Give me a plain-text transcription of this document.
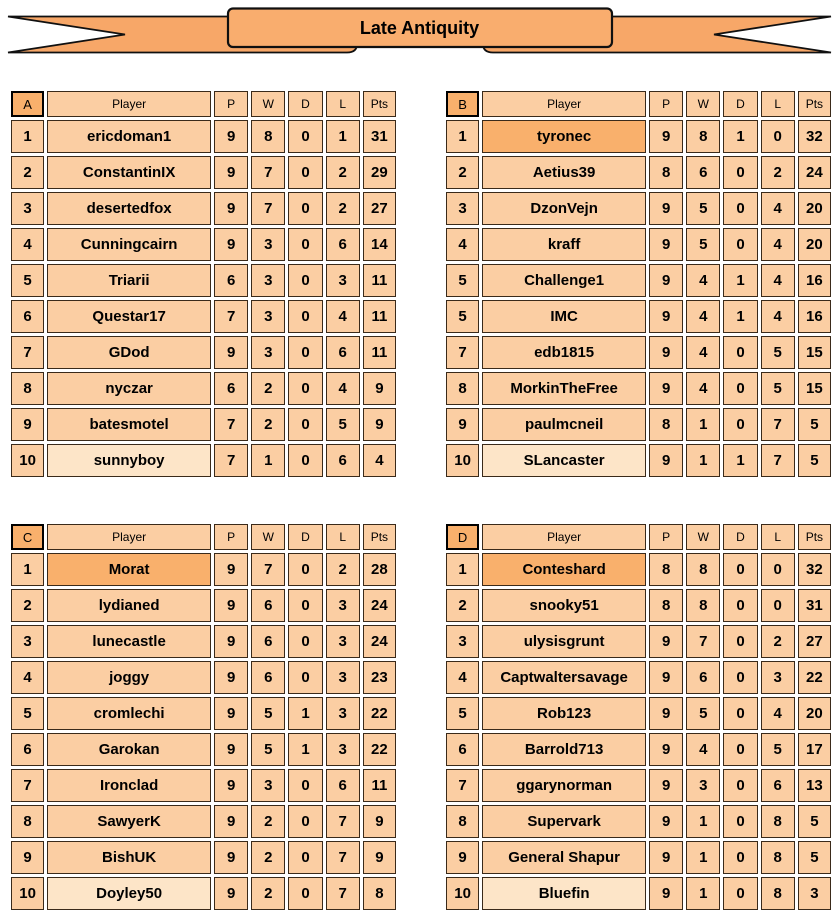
Late Antiquity
A	Player	P	W	D	L	Pts
1	ericdoman1	9	8	0	1	31
2	ConstantinIX	9	7	0	2	29
3	desertedfox	9	7	0	2	27
4	Cunningcairn	9	3	0	6	14
5	Triarii	6	3	0	3	11
6	Questar17	7	3	0	4	11
7	GDod	9	3	0	6	11
8	nyczar	6	2	0	4	9
9	batesmotel	7	2	0	5	9
10	sunnyboy	7	1	0	6	4
B	Player	P	W	D	L	Pts
1	tyronec	9	8	1	0	32
2	Aetius39	8	6	0	2	24
3	DzonVejn	9	5	0	4	20
4	kraff	9	5	0	4	20
5	Challenge1	9	4	1	4	16
5	IMC	9	4	1	4	16
7	edb1815	9	4	0	5	15
8	MorkinTheFree	9	4	0	5	15
9	paulmcneil	8	1	0	7	5
10	SLancaster	9	1	1	7	5
C	Player	P	W	D	L	Pts
1	Morat	9	7	0	2	28
2	lydianed	9	6	0	3	24
3	lunecastle	9	6	0	3	24
4	joggy	9	6	0	3	23
5	cromlechi	9	5	1	3	22
6	Garokan	9	5	1	3	22
7	Ironclad	9	3	0	6	11
8	SawyerK	9	2	0	7	9
9	BishUK	9	2	0	7	9
10	Doyley50	9	2	0	7	8
D	Player	P	W	D	L	Pts
1	Conteshard	8	8	0	0	32
2	snooky51	8	8	0	0	31
3	ulysisgrunt	9	7	0	2	27
4	Captwaltersavage	9	6	0	3	22
5	Rob123	9	5	0	4	20
6	Barrold713	9	4	0	5	17
7	ggarynorman	9	3	0	6	13
8	Supervark	9	1	0	8	5
9	General Shapur	9	1	0	8	5
10	Bluefin	9	1	0	8	3
